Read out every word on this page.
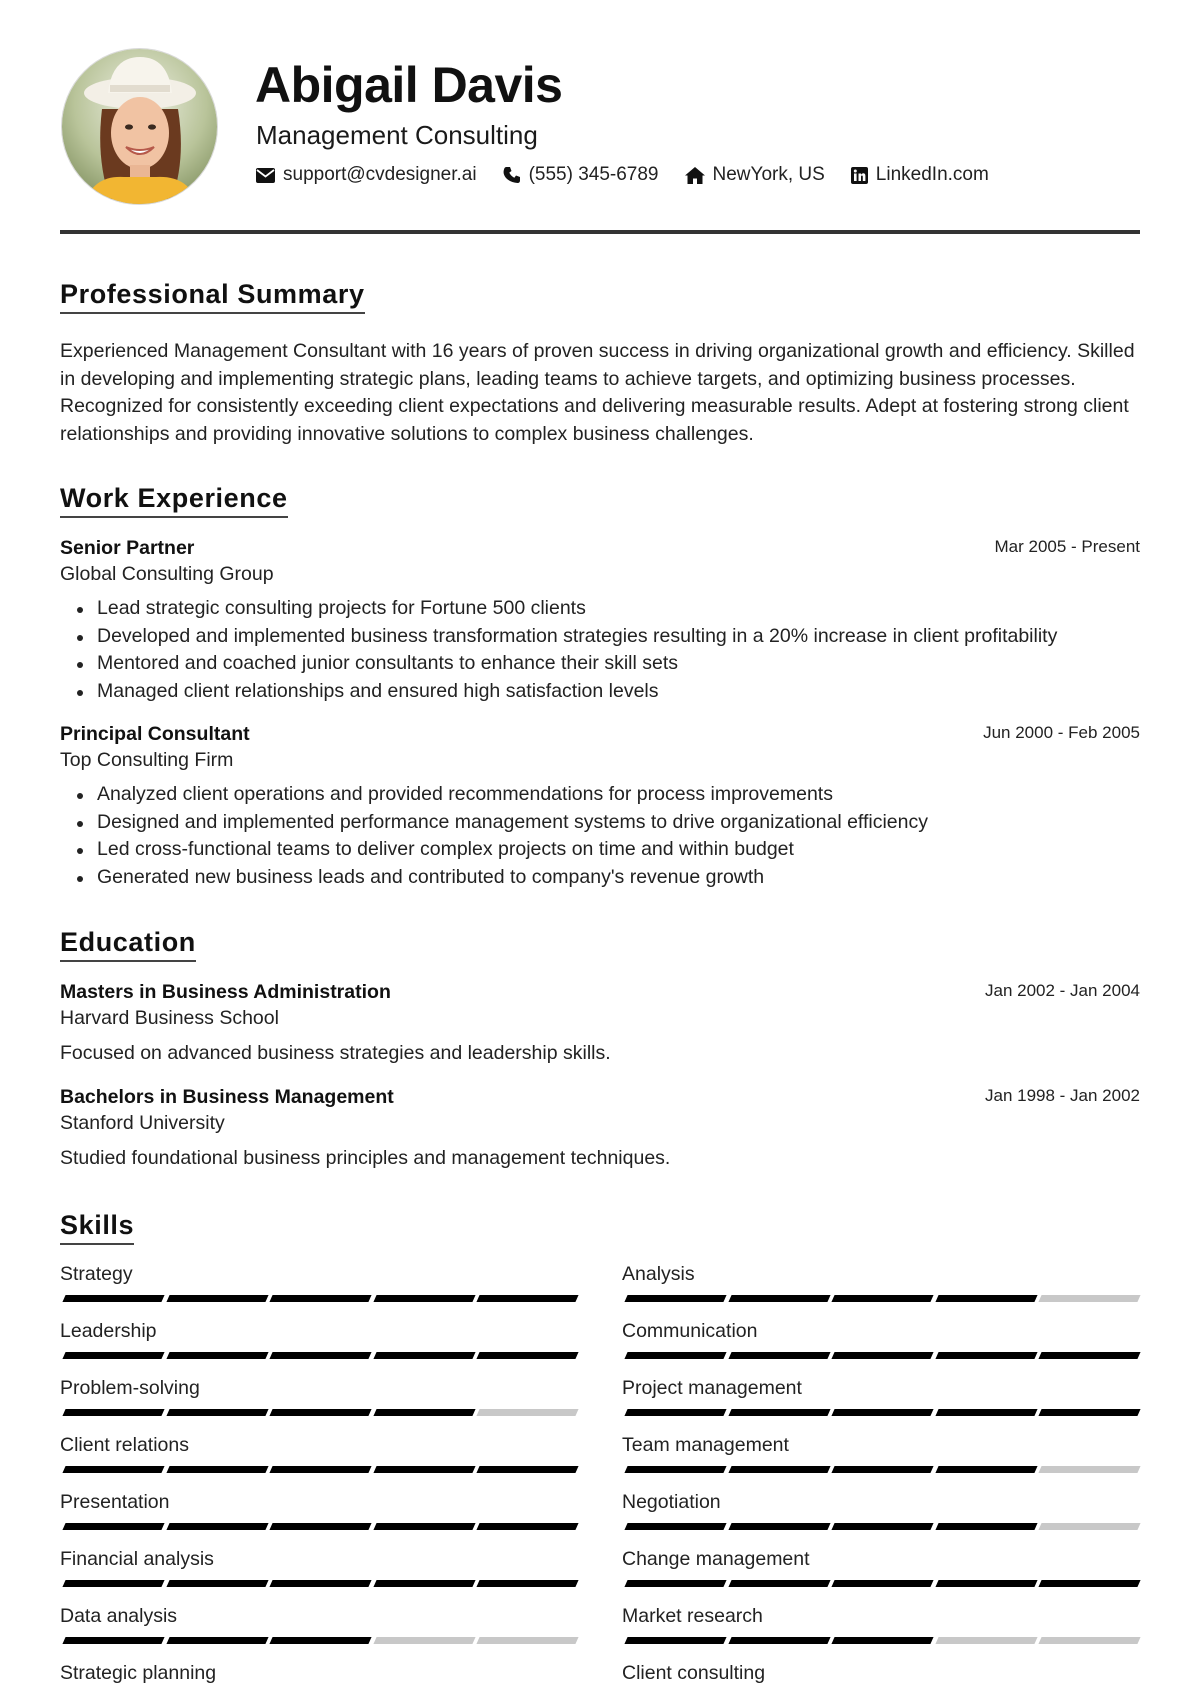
Abigail Davis
Management Consulting
support@cvdesigner.ai	(555) 345-6789	NewYork, US	LinkedIn.com
Professional Summary
Experienced Management Consultant with 16 years of proven success in driving organizational growth and efficiency. Skilled in developing and implementing strategic plans, leading teams to achieve targets, and optimizing business processes. Recognized for consistently exceeding client expectations and delivering measurable results. Adept at fostering strong client relationships and providing innovative solutions to complex business challenges.
Work Experience
Senior Partner	Mar 2005 - Present
Global Consulting Group
Lead strategic consulting projects for Fortune 500 clients
Developed and implemented business transformation strategies resulting in a 20% increase in client profitability
Mentored and coached junior consultants to enhance their skill sets
Managed client relationships and ensured high satisfaction levels
Principal Consultant	Jun 2000 - Feb 2005
Top Consulting Firm
Analyzed client operations and provided recommendations for process improvements
Designed and implemented performance management systems to drive organizational efficiency
Led cross-functional teams to deliver complex projects on time and within budget
Generated new business leads and contributed to company's revenue growth
Education
Masters in Business Administration	Jan 2002 - Jan 2004
Harvard Business School
Focused on advanced business strategies and leadership skills.
Bachelors in Business Management	Jan 1998 - Jan 2002
Stanford University
Studied foundational business principles and management techniques.
Skills
Strategy	Analysis
Leadership	Communication
Problem-solving	Project management
Client relations	Team management
Presentation	Negotiation
Financial analysis	Change management
Data analysis	Market research
Strategic planning	Client consulting
